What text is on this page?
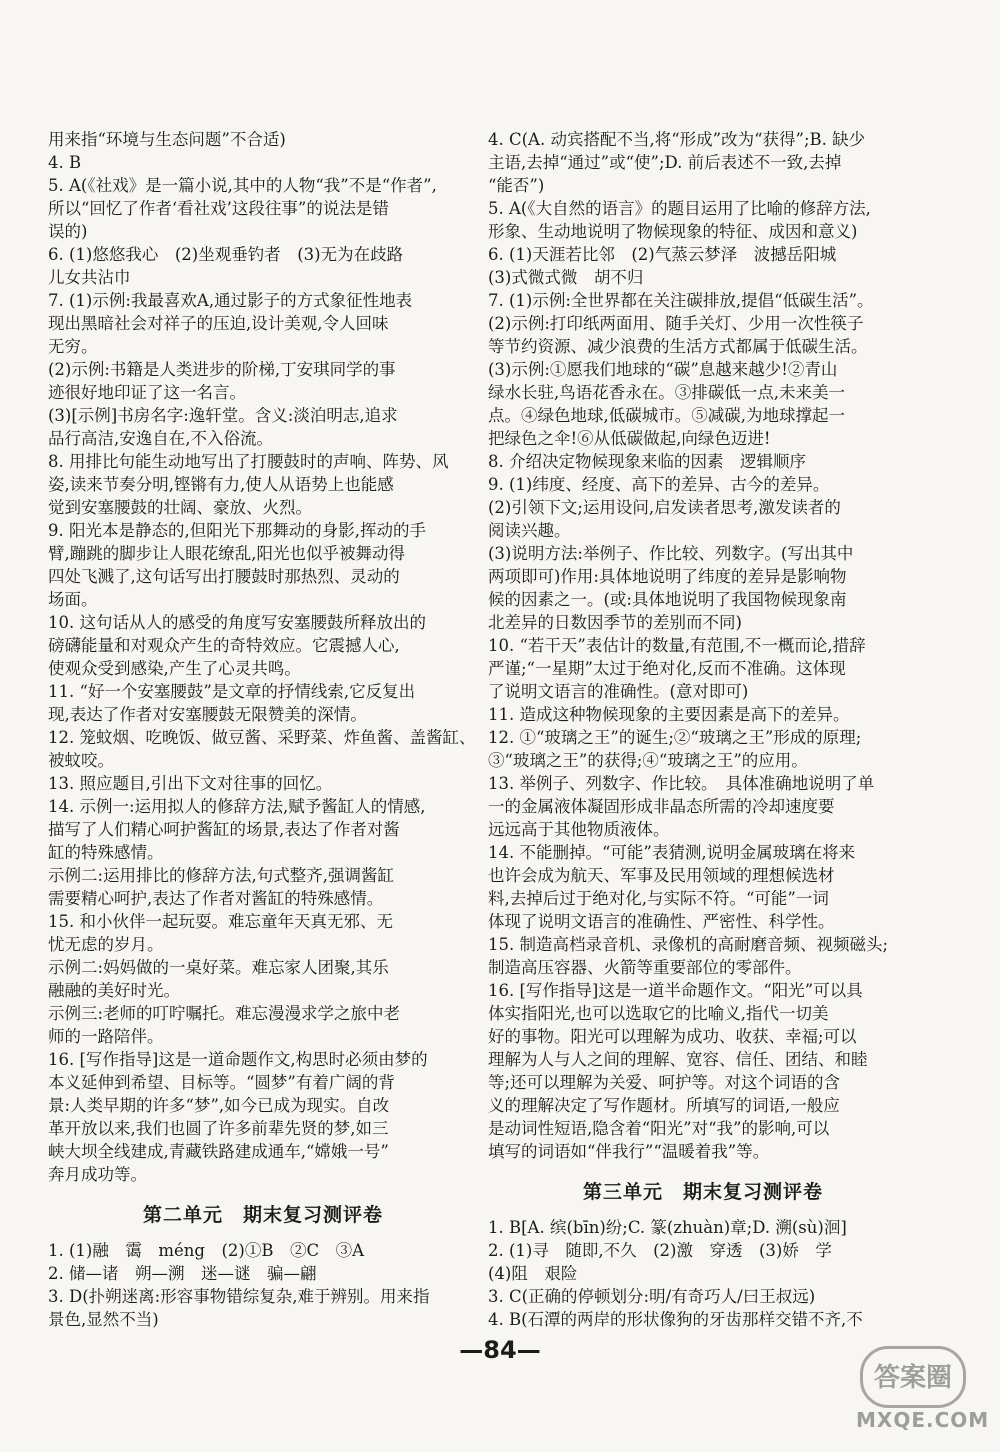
用来指“环境与生态问题”不合适)

4. B

5. A(《社戏》是一篇小说,其中的人物“我”不是“作者”,
所以“回忆了作者‘看社戏’这段往事”的说法是错
误的)

6. (1)悠悠我心　(2)坐观垂钓者　(3)无为在歧路
儿女共沾巾

7. (1)示例:我最喜欢A,通过影子的方式象征性地表
现出黑暗社会对祥子的压迫,设计美观,令人回味
无穷。
(2)示例:书籍是人类进步的阶梯,丁安琪同学的事
迹很好地印证了这一名言。
(3)[示例]书房名字:逸轩堂。含义:淡泊明志,追求
品行高洁,安逸自在,不入俗流。

8. 用排比句能生动地写出了打腰鼓时的声响、阵势、风
姿,读来节奏分明,铿锵有力,使人从语势上也能感
觉到安塞腰鼓的壮阔、豪放、火烈。

9. 阳光本是静态的,但阳光下那舞动的身影,挥动的手
臂,蹦跳的脚步让人眼花缭乱,阳光也似乎被舞动得
四处飞溅了,这句话写出打腰鼓时那热烈、灵动的
场面。

10. 这句话从人的感受的角度写安塞腰鼓所释放出的
磅礴能量和对观众产生的奇特效应。它震撼人心,
使观众受到感染,产生了心灵共鸣。

11. “好一个安塞腰鼓”是文章的抒情线索,它反复出
现,表达了作者对安塞腰鼓无限赞美的深情。

12. 笼蚊烟、吃晚饭、做豆酱、采野菜、炸鱼酱、盖酱缸、
被蚊咬。

13. 照应题目,引出下文对往事的回忆。

14. 示例一:运用拟人的修辞方法,赋予酱缸人的情感,
描写了人们精心呵护酱缸的场景,表达了作者对酱
缸的特殊感情。
示例二:运用排比的修辞方法,句式整齐,强调酱缸
需要精心呵护,表达了作者对酱缸的特殊感情。

15. 和小伙伴一起玩耍。难忘童年天真无邪、无
忧无虑的岁月。
示例二:妈妈做的一桌好菜。难忘家人团聚,其乐
融融的美好时光。
示例三:老师的叮咛嘱托。难忘漫漫求学之旅中老
师的一路陪伴。

16. [写作指导]这是一道命题作文,构思时必须由梦的
本义延伸到希望、目标等。“圆梦”有着广阔的背
景:人类早期的许多“梦”,如今已成为现实。自改
革开放以来,我们也圆了许多前辈先贤的梦,如三
峡大坝全线建成,青藏铁路建成通车,“嫦娥一号”
奔月成功等。

第二单元　期末复习测评卷

1. (1)融　霭　méng　(2)①B　②C　③A

2. 储—诸　朔—溯　迷—谜　骗—翩

3. D(扑朔迷离:形容事物错综复杂,难于辨别。用来指
景色,显然不当)

4. C(A. 动宾搭配不当,将“形成”改为“获得”;B. 缺少
主语,去掉“通过”或“使”;D. 前后表述不一致,去掉
“能否”)

5. A(《大自然的语言》的题目运用了比喻的修辞方法,
形象、生动地说明了物候现象的特征、成因和意义)

6. (1)天涯若比邻　(2)气蒸云梦泽　波撼岳阳城
(3)式微式微　胡不归

7. (1)示例:全世界都在关注碳排放,提倡“低碳生活”。
(2)示例:打印纸两面用、随手关灯、少用一次性筷子
等节约资源、减少浪费的生活方式都属于低碳生活。
(3)示例:①愿我们地球的“碳”息越来越少!②青山
绿水长驻,鸟语花香永在。③排碳低一点,未来美一
点。④绿色地球,低碳城市。⑤减碳,为地球撑起一
把绿色之伞!⑥从低碳做起,向绿色迈进!

8. 介绍决定物候现象来临的因素　逻辑顺序

9. (1)纬度、经度、高下的差异、古今的差异。
(2)引领下文;运用设问,启发读者思考,激发读者的
阅读兴趣。
(3)说明方法:举例子、作比较、列数字。(写出其中
两项即可)作用:具体地说明了纬度的差异是影响物
候的因素之一。(或:具体地说明了我国物候现象南
北差异的日数因季节的差别而不同)

10. “若干天”表估计的数量,有范围,不一概而论,措辞
严谨;“一星期”太过于绝对化,反而不准确。这体现
了说明文语言的准确性。(意对即可)

11. 造成这种物候现象的主要因素是高下的差异。

12. ①“玻璃之王”的诞生;②“玻璃之王”形成的原理;
③“玻璃之王”的获得;④“玻璃之王”的应用。

13. 举例子、列数字、作比较。　具体准确地说明了单
一的金属液体凝固形成非晶态所需的冷却速度要
远远高于其他物质液体。

14. 不能删掉。“可能”表猜测,说明金属玻璃在将来
也许会成为航天、军事及民用领域的理想候选材
料,去掉后过于绝对化,与实际不符。“可能”一词
体现了说明文语言的准确性、严密性、科学性。

15. 制造高档录音机、录像机的高耐磨音频、视频磁头;
制造高压容器、火箭等重要部位的零部件。

16. [写作指导]这是一道半命题作文。“阳光”可以具
体实指阳光,也可以选取它的比喻义,指代一切美
好的事物。阳光可以理解为成功、收获、幸福;可以
理解为人与人之间的理解、宽容、信任、团结、和睦
等;还可以理解为关爱、呵护等。对这个词语的含
义的理解决定了写作题材。所填写的词语,一般应
是动词性短语,隐含着“阳光”对“我”的影响,可以
填写的词语如“伴我行”“温暖着我”等。

第三单元　期末复习测评卷

1. B[A. 缤(bīn)纷;C. 篆(zhuàn)章;D. 溯(sù)洄]

2. (1)寻　随即,不久　(2)激　穿透　(3)娇　学
(4)阻　艰险

3. C(正确的停顿划分:明/有奇巧人/曰王叔远)

4. B(石潭的两岸的形状像狗的牙齿那样交错不齐,不

—84—
答案圈
MXQE.COM
